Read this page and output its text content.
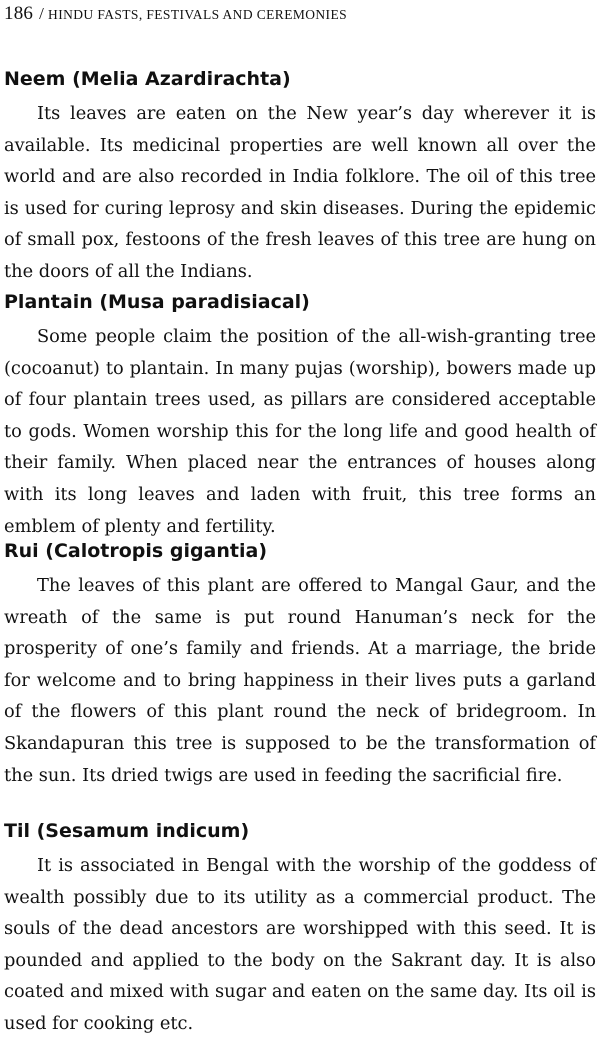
186 / HINDU FASTS, FESTIVALS AND CEREMONIES
Neem (Melia Azardirachta)

Its leaves are eaten on the New year’s day wherever it is available. Its medicinal properties are well known all over the world and are also recorded in India folklore. The oil of this tree is used for curing leprosy and skin diseases. During the epidemic of small pox, festoons of the fresh leaves of this tree are hung on the doors of all the Indians.

Plantain (Musa paradisiacal)

Some people claim the position of the all-wish-granting tree (cocoanut) to plantain. In many pujas (worship), bowers made up of four plantain trees used, as pillars are considered acceptable to gods. Women worship this for the long life and good health of their family. When placed near the entrances of houses along with its long leaves and laden with fruit, this tree forms an emblem of plenty and fertility.

Rui (Calotropis gigantia)

The leaves of this plant are offered to Mangal Gaur, and the wreath of the same is put round Hanuman’s neck for the prosperity of one’s family and friends. At a marriage, the bride for welcome and to bring happiness in their lives puts a garland of the flowers of this plant round the neck of bridegroom. In Skandapuran this tree is supposed to be the transformation of the sun. Its dried twigs are used in feeding the sacrificial fire.

Til (Sesamum indicum)

It is associated in Bengal with the worship of the goddess of wealth possibly due to its utility as a commercial product. The souls of the dead ancestors are worshipped with this seed. It is pounded and applied to the body on the Sakrant day. It is also coated and mixed with sugar and eaten on the same day. Its oil is used for cooking etc.
